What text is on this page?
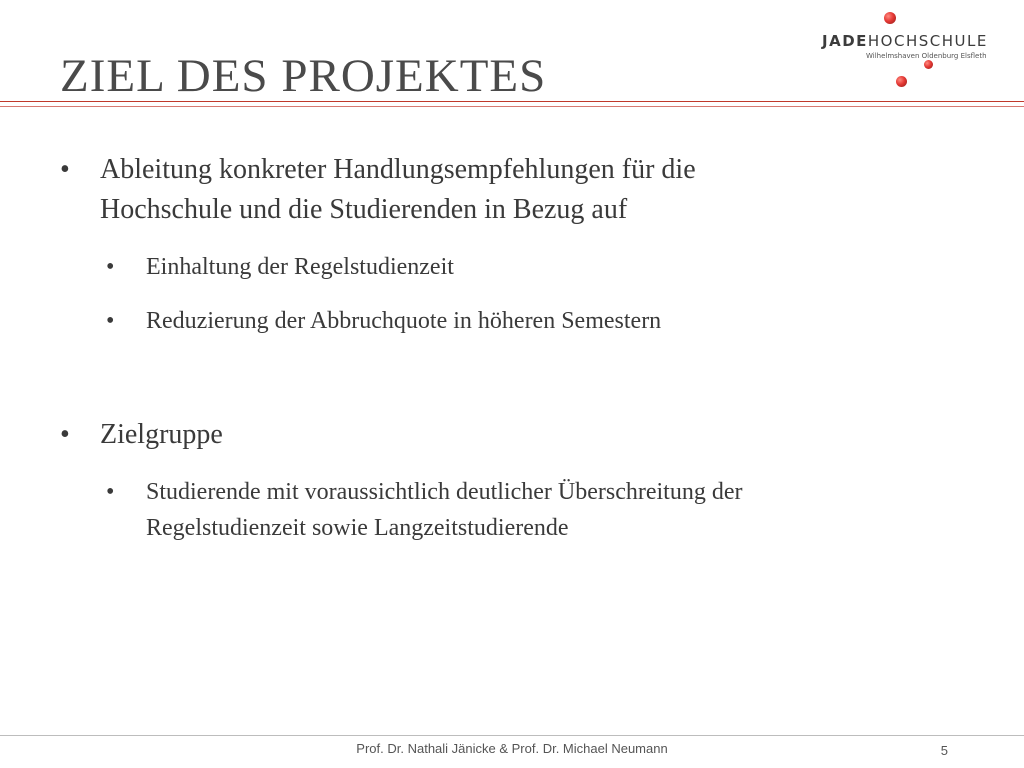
ZIEL DES PROJEKTES
JADEHOCHSCHULE
Wilhelmshaven Oldenburg Elsfleth
• Ableitung konkreter Handlungsempfehlungen für die
Hochschule und die Studierenden in Bezug auf
• Einhaltung der Regelstudienzeit
• Reduzierung der Abbruchquote in höheren Semestern
• Zielgruppe
• Studierende mit voraussichtlich deutlicher Überschreitung der
Regelstudienzeit sowie Langzeitstudierende
Prof. Dr. Nathali Jänicke & Prof. Dr. Michael Neumann	5
